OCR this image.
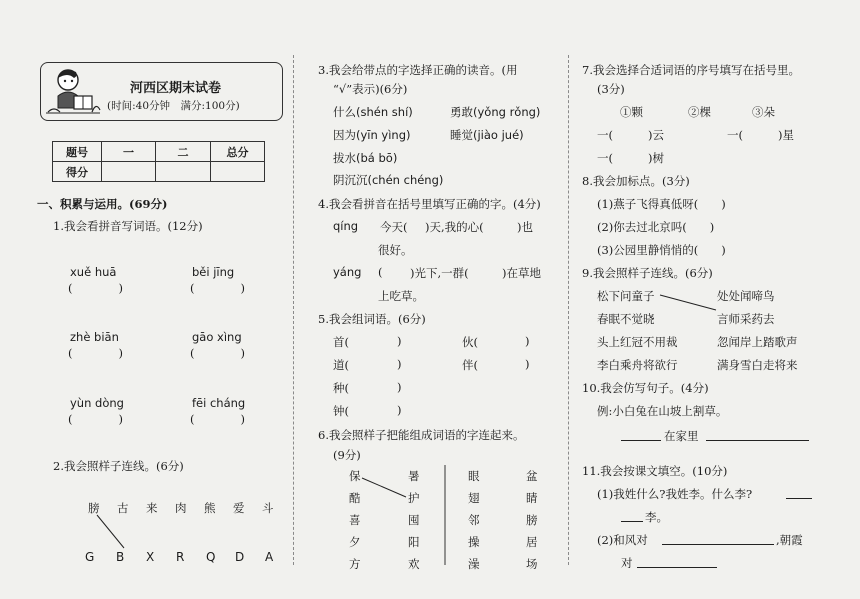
河西区期末试卷
(时间:40分钟　满分:100分)
题号	一	二	总分
得分			
一、积累与运用。(69分)
1.我会看拼音写词语。(12分)
xuě huā
(　　　　)
běi jīng
(　　　　)
zhè biān
(　　　　)
gāo xìng
(　　　　)
yùn dòng
(　　　　)
fēi cháng
(　　　　)
2.我会照样子连线。(6分)
膀 古 来 肉 熊 爱 斗
G B X R Q D A
3.我会给带点的字选择正确的读音。(用
“√”表示)(6分)
什么(shén shí)	勇敢(yǒng rǒng)
因为(yīn yìng)	睡觉(jiào jué)
拔水(bá bō)
阴沉沉(chén chéng)
4.我会看拼音在括号里填写正确的字。(4分)
qíng 今天( )天,我的心(	)也
很好。
yáng ( )光下,一群(	)在草地
上吃草。
5.我会组词语。(6分)
首(	)
道(	)
种(	)
钟(	)
伙(	)
伴(	)
6.我会照样子把能组成词语的字连起来。
(9分)
保
酷
喜
夕
方
暑
护
囤
阳
欢
眼
翅
邻
操
澡
盆
睛
膀
居
场
7.我会选择合适词语的序号填写在括号里。
(3分)
①颗	②棵	③朵
一(	)云	一(	)星
一(	)树
8.我会加标点。(3分)
(1)燕子飞得真低呀(　　)
(2)你去过北京吗(　　)
(3)公园里静悄悄的(　　)
9.我会照样子连线。(6分)
松下问童子
春眠不觉晓
头上红冠不用裁
李白乘舟将欲行
处处闻啼鸟
言师采药去
忽闻岸上踏歌声
满身雪白走将来
10.我会仿写句子。(4分)
例:小白兔在山坡上割草。
在家里
11.我会按课文填空。(10分)
(1)我姓什么?我姓李。什么李?
李。
(2)和风对	,朝霞
对
